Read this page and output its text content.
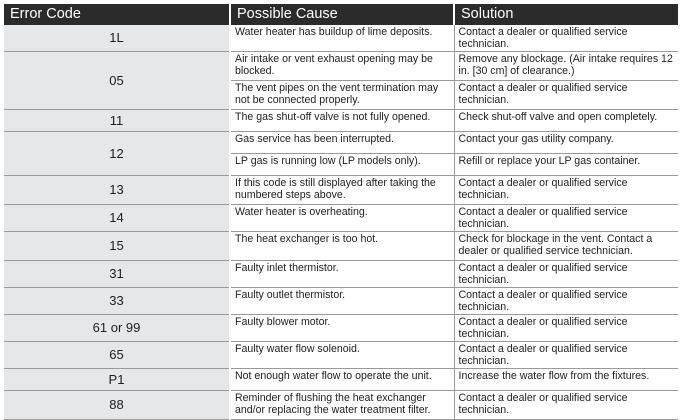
Error Code	Possible Cause	Solution
1L	Water heater has buildup of lime deposits.	Contact a dealer or qualified service technician.
05	Air intake or vent exhaust opening may be blocked.	Remove any blockage. (Air intake requires 12 in. [30 cm] of clearance.)
	The vent pipes on the vent termination may not be connected properly.	Contact a dealer or qualified service technician.
11	The gas shut-off valve is not fully opened.	Check shut-off valve and open completely.
12	Gas service has been interrupted.	Contact your gas utility company.
	LP gas is running low (LP models only).	Refill or replace your LP gas container.
13	If this code is still displayed after taking the numbered steps above.	Contact a dealer or qualified service technician.
14	Water heater is overheating.	Contact a dealer or qualified service technician.
15	The heat exchanger is too hot.	Check for blockage in the vent. Contact a dealer or qualified service technician.
31	Faulty inlet thermistor.	Contact a dealer or qualified service technician.
33	Faulty outlet thermistor.	Contact a dealer or qualified service technician.
61 or 99	Faulty blower motor.	Contact a dealer or qualified service technician.
65	Faulty water flow solenoid.	Contact a dealer or qualified service technician.
P1	Not enough water flow to operate the unit.	Increase the water flow from the fixtures.
88	Reminder of flushing the heat exchanger and/or replacing the water treatment filter.	Contact a dealer or qualified service technician.
